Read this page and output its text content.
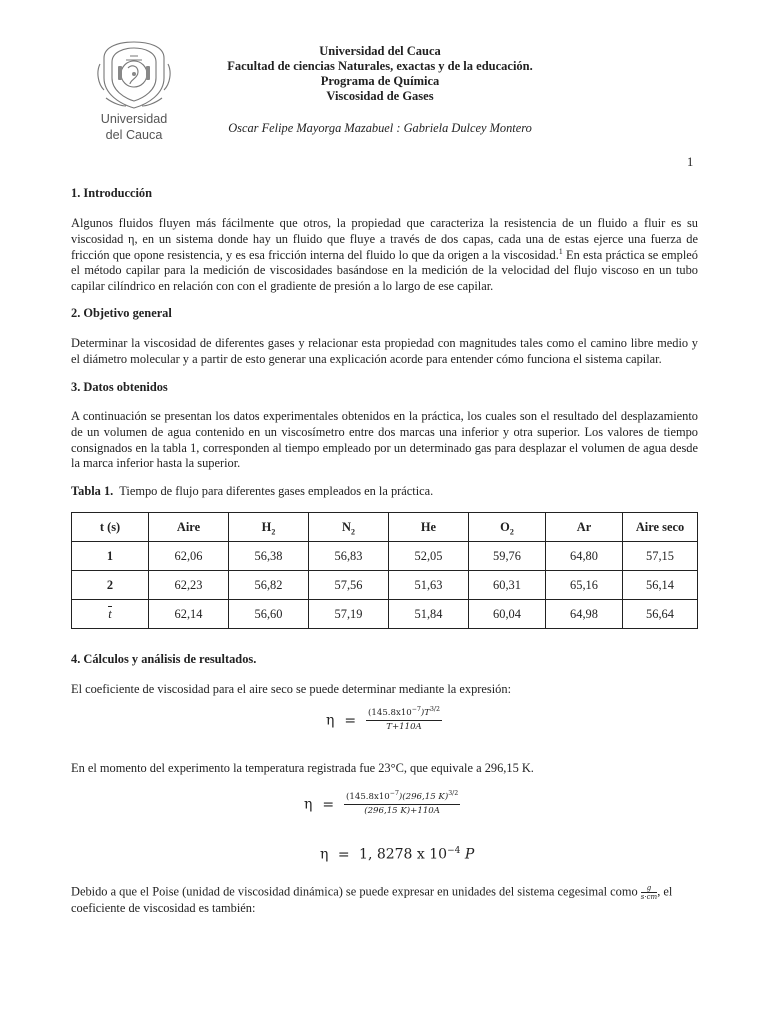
Universidad
del Cauca
Universidad del Cauca
Facultad de ciencias Naturales, exactas y de la educación.
Programa de Química
Viscosidad de Gases
Oscar Felipe Mayorga Mazabuel : Gabriela Dulcey Montero
1
1. Introducción

Algunos fluidos fluyen más fácilmente que otros, la propiedad que caracteriza la resistencia de un fluido a fluir es su viscosidad η, en un sistema donde hay un fluido que fluye a través de dos capas, cada una de estas ejerce una fuerza de fricción que opone resistencia, y es esa fricción interna del fluido lo que da origen a la viscosidad.$^1$ En esta práctica se empleó el método capilar para la medición de viscosidades basándose en la medición de la velocidad del flujo viscoso en un tubo capilar cilíndrico en relación con con el gradiente de presión a lo largo de ese capilar.

2. Objetivo general

Determinar la viscosidad de diferentes gases y relacionar esta propiedad con magnitudes tales como el camino libre medio y el diámetro molecular y a partir de esto generar una explicación acorde para entender cómo funciona el sistema capilar.

3. Datos obtenidos

A continuación se presentan los datos experimentales obtenidos en la práctica, los cuales son el resultado del desplazamiento de un volumen de agua contenido en un viscosímetro entre dos marcas una inferior y otra superior. Los valores de tiempo consignados en la tabla 1, corresponden al tiempo empleado por un determinado gas para desplazar el volumen de agua desde la marca inferior hasta la superior.

Tabla 1. Tiempo de flujo para diferentes gases empleados en la práctica.
t (s)	Aire	$H_2$	$N_2$	He	$O_2$	Ar	Aire seco
1	62,06	56,38	56,83	52,05	59,76	64,80	57,15
2	62,23	56,82	57,56	51,63	60,31	65,16	56,14
t	62,14	56,60	57,19	51,84	60,04	64,98	56,64
4. Cálculos y análisis de resultados.

El coeficiente de viscosidad para el aire seco se puede determinar mediante la expresión:

$\eta = \frac{(145.8x10^{-7})T^{3/2}}{T+110A}$

En el momento del experimento la temperatura registrada fue 23°C, que equivale a 296,15 K.

$\eta = \frac{(145.8x10^{-7})(296,15 K)^{3/2}}{(296,15 K)+110A}$
η = 1, 8278 x $10^{-4}$ P

Debido a que el Poise (unidad de viscosidad dinámica) se puede expresar en unidades del sistema cegesimal como $\frac{g}{s\cdot cm}$ , el coeficiente de viscosidad es también:
